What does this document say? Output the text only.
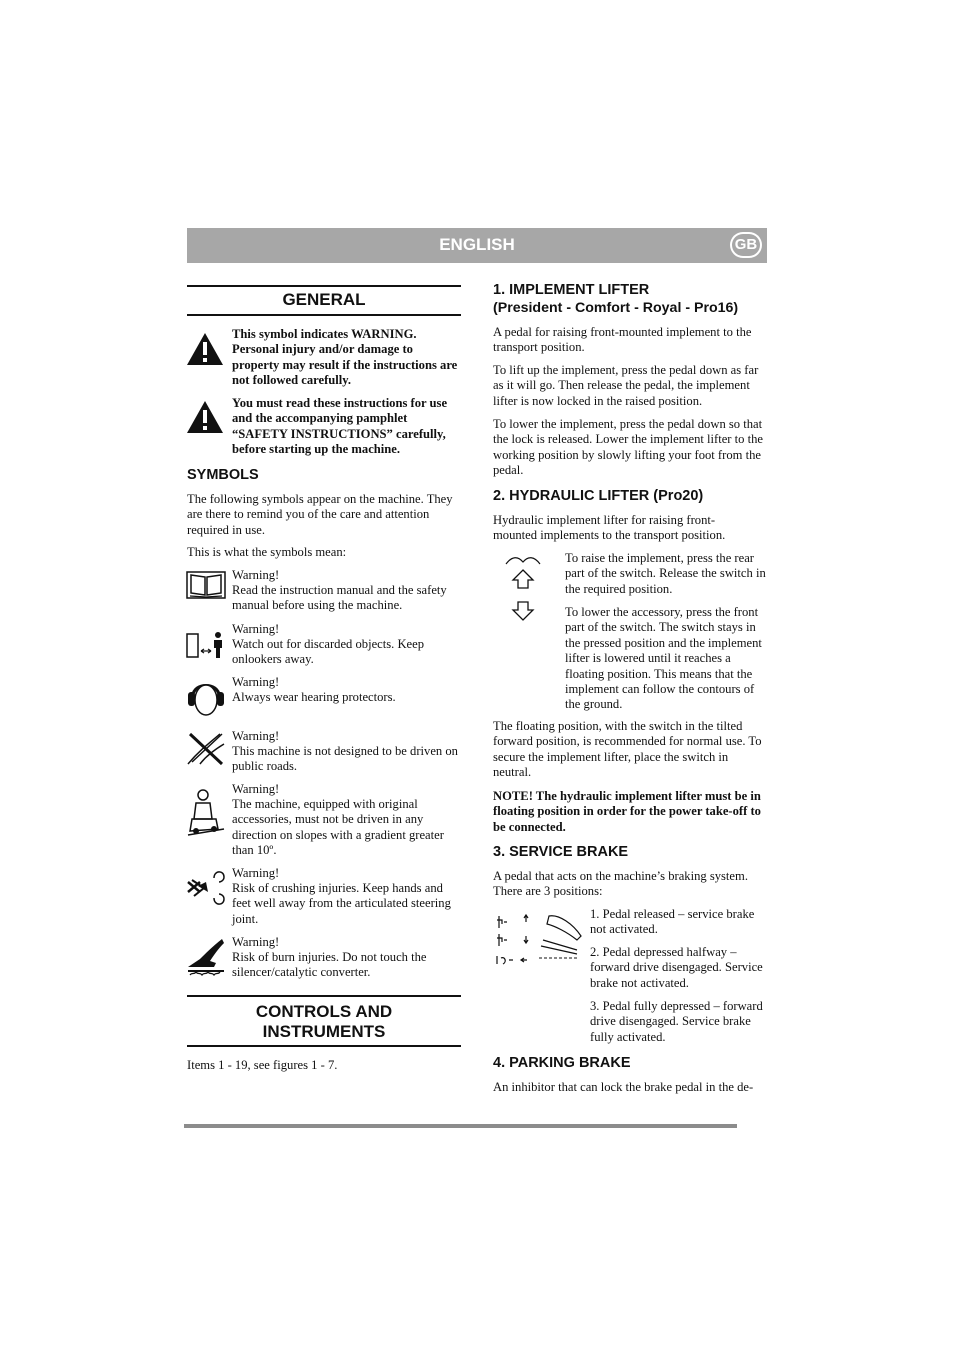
ENGLISH	GB
GENERAL
This symbol indicates WARNING. Personal injury and/or damage to property may result if the instructions are not followed carefully.
You must read these instructions for use and the accompanying pamphlet “SAFETY INSTRUCTIONS” carefully, before starting up the machine.
SYMBOLS
The following symbols appear on the machine. They are there to remind you of the care and attention required in use.
This is what the symbols mean:
Warning!
Read the instruction manual and the safety manual before using the machine.
Warning!
Watch out for discarded objects. Keep onlookers away.
Warning!
Always wear hearing protectors.
Warning!
This machine is not designed to be driven on public roads.
Warning!
The machine, equipped with original accessories, must not be driven in any direction on slopes with a gradient greater than 10º.
Warning!
Risk of crushing injuries. Keep hands and feet well away from the articulated steering joint.
Warning!
Risk of burn injuries. Do not touch the silencer/catalytic converter.
CONTROLS AND
INSTRUMENTS
Items 1 - 19, see figures 1 - 7.
1. IMPLEMENT LIFTER
(President - Comfort - Royal - Pro16)
A pedal for raising front-mounted implement to the transport position.
To lift up the implement, press the pedal down as far as it will go. Then release the pedal, the implement lifter is now locked in the raised position.
To lower the implement, press the pedal down so that the lock is released. Lower the implement lifter to the working position by slowly lifting your foot from the pedal.
2. HYDRAULIC LIFTER (Pro20)
Hydraulic implement lifter for raising front-mounted implements to the transport position.
To raise the implement, press the rear part of the switch. Release the switch in the required position.
To lower the accessory, press the front part of the switch. The switch stays in the pressed position and the implement lifter is lowered until it reaches a floating position. This means that the implement can follow the contours of the ground.
The floating position, with the switch in the tilted forward position, is recommended for normal use. To secure the implement lifter, place the switch in neutral.
NOTE! The hydraulic implement lifter must be in floating position in order for the power take-off to be connected.
3. SERVICE BRAKE
A pedal that acts on the machine’s braking system. There are 3 positions:
1. Pedal released – service brake not activated.
2. Pedal depressed halfway – forward drive disengaged. Service brake not activated.
3. Pedal fully depressed – forward drive disengaged. Service brake fully activated.
4. PARKING BRAKE
An inhibitor that can lock the brake pedal in the de-
